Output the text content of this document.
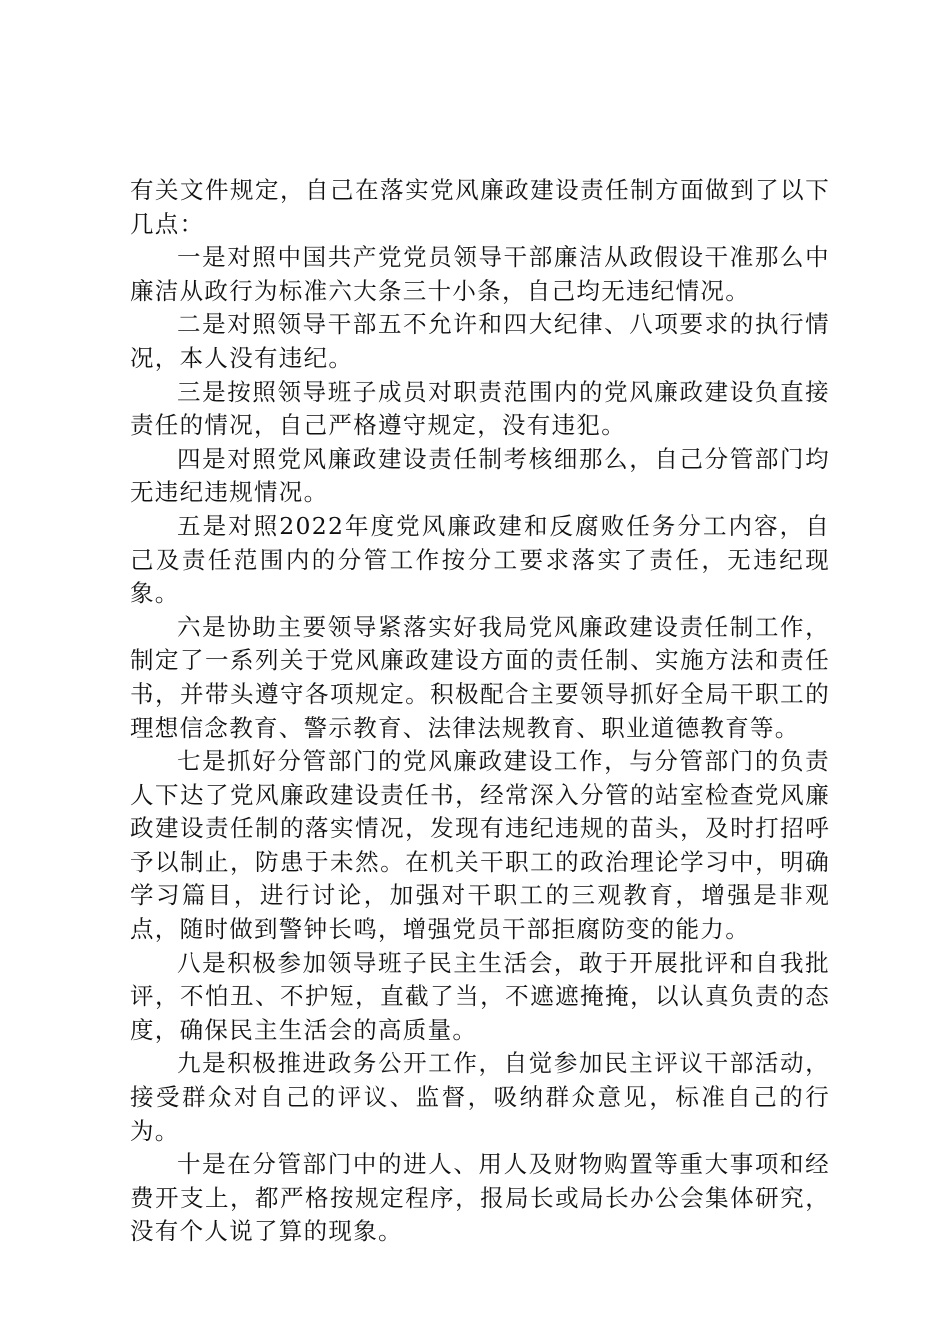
有关文件规定，自己在落实党风廉政建设责任制方面做到了以下几点：

一是对照中国共产党党员领导干部廉洁从政假设干准那么中廉洁从政行为标准六大条三十小条，自己均无违纪情况。

二是对照领导干部五不允许和四大纪律、八项要求的执行情况，本人没有违纪。

三是按照领导班子成员对职责范围内的党风廉政建设负直接责任的情况，自己严格遵守规定，没有违犯。

四是对照党风廉政建设责任制考核细那么，自己分管部门均无违纪违规情况。

五是对照2022年度党风廉政建和反腐败任务分工内容，自己及责任范围内的分管工作按分工要求落实了责任，无违纪现象。

六是协助主要领导紧落实好我局党风廉政建设责任制工作，制定了一系列关于党风廉政建设方面的责任制、实施方法和责任书，并带头遵守各项规定。积极配合主要领导抓好全局干职工的理想信念教育、警示教育、法律法规教育、职业道德教育等。

七是抓好分管部门的党风廉政建设工作，与分管部门的负责人下达了党风廉政建设责任书，经常深入分管的站室检查党风廉政建设责任制的落实情况，发现有违纪违规的苗头，及时打招呼予以制止，防患于未然。在机关干职工的政治理论学习中，明确学习篇目，进行讨论，加强对干职工的三观教育，增强是非观点，随时做到警钟长鸣，增强党员干部拒腐防变的能力。

八是积极参加领导班子民主生活会，敢于开展批评和自我批评，不怕丑、不护短，直截了当，不遮遮掩掩，以认真负责的态度，确保民主生活会的高质量。

九是积极推进政务公开工作，自觉参加民主评议干部活动，接受群众对自己的评议、监督，吸纳群众意见，标准自己的行为。

十是在分管部门中的进人、用人及财物购置等重大事项和经费开支上，都严格按规定程序，报局长或局长办公会集体研究，没有个人说了算的现象。
